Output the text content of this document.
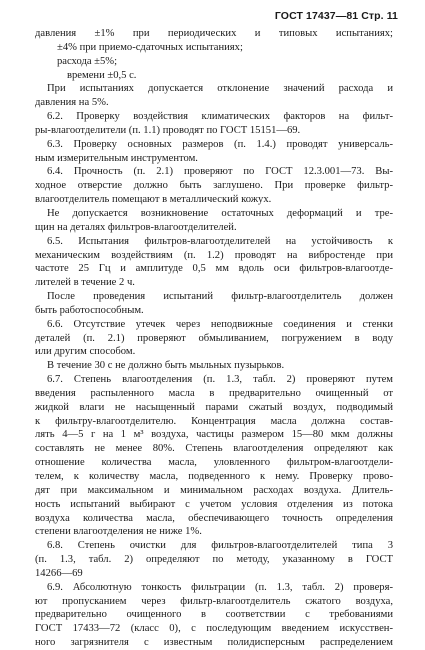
ГОСТ 17437—81 Стр. 11
давления ±1% при периодических и типовых испытаниях;
±4% при приемо-сдаточных испытаниях;
расхода ±5%;
времени ±0,5 с.
При испытаниях допускается отклонение значений расхода и
давления на 5%.
6.2. Проверку воздействия климатических факторов на фильт-
ры-влагоотделители (п. 1.1) проводят по ГОСТ 15151—69.
6.3. Проверку основных размеров (п. 1.4.) проводят универсаль-
ным измерительным инструментом.
6.4. Прочность (п. 2.1) проверяют по ГОСТ 12.3.001—73. Вы-
ходное отверстие должно быть заглушено. При проверке фильтр-
влагоотделитель помещают в металлический кожух.
Не допускается возникновение остаточных деформаций и тре-
щин на деталях фильтров-влагоотделителей.
6.5. Испытания фильтров-влагоотделителей на устойчивость к
механическим воздействиям (п. 1.2) проводят на вибростенде при
частоте 25 Гц и амплитуде 0,5 мм вдоль оси фильтров-влагоотде-
лителей в течение 2 ч.
После проведения испытаний фильтр-влагоотделитель должен
быть работоспособным.
6.6. Отсутствие утечек через неподвижные соединения и стенки
деталей (п. 2.1) проверяют обмыливанием, погружением в воду
или другим способом.
В течение 30 с не должно быть мыльных пузырьков.
6.7. Степень влагоотделения (п. 1.3, табл. 2) проверяют путем
введения распыленного масла в предварительно очищенный от
жидкой влаги не насыщенный парами сжатый воздух, подводимый
к фильтру-влагоотделителю. Концентрация масла должна состав-
лять 4—5 г на 1 м³ воздуха, частицы размером 15—80 мкм должны
составлять не менее 80%. Степень влагоотделения определяют как
отношение количества масла, уловленного фильтром-влагоотдели-
телем, к количеству масла, подведенного к нему. Проверку прово-
дят при максимальном и минимальном расходах воздуха. Длитель-
ность испытаний выбирают с учетом условия отделения из потока
воздуха количества масла, обеспечивающего точность определения
степени влагоотделения не ниже 1%.
6.8. Степень очистки для фильтров-влагоотделителей типа 3
(п. 1.3, табл. 2) определяют по методу, указанному в ГОСТ
14266—69
6.9. Абсолютную тонкость фильтрации (п. 1.3, табл. 2) проверя-
ют пропусканием через фильтр-влагоотделитель сжатого воздуха,
предварительно очищенного в соответствии с требованиями
ГОСТ 17433—72 (класс 0), с последующим введением искусствен-
ного загрязнителя с известным полидисперсным распределением
